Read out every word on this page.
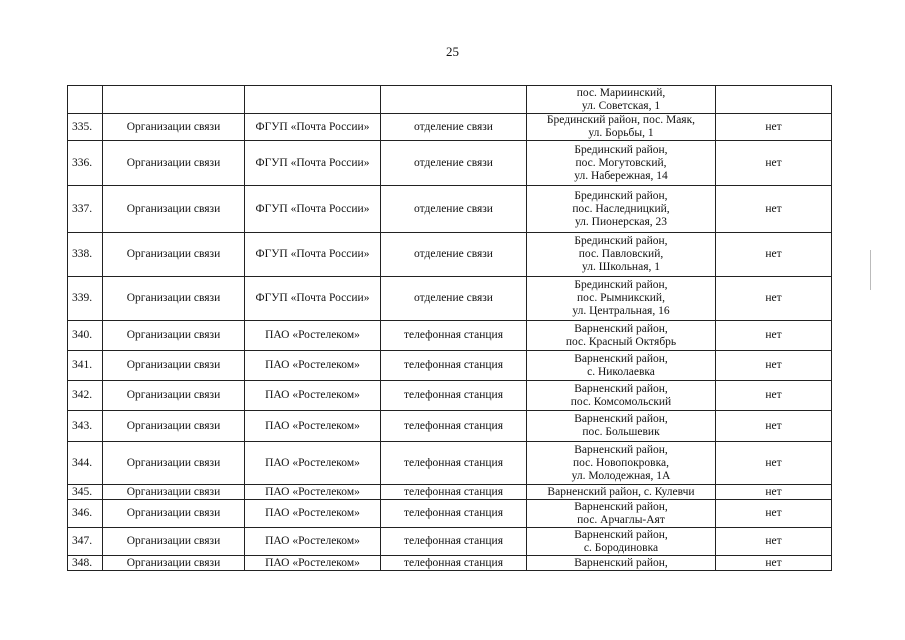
25

				пос. Мариинский,
ул. Советская, 1	

335.	Организации связи	ФГУП «Почта России»	отделение связи	Брединский район, пос. Маяк,
ул. Борьбы, 1	нет
336.	Организации связи	ФГУП «Почта России»	отделение связи	Брединский район,
пос. Могутовский,
ул. Набережная, 14	нет
337.	Организации связи	ФГУП «Почта России»	отделение связи	Брединский район,
пос. Наследницкий,
ул. Пионерская, 23	нет
338.	Организации связи	ФГУП «Почта России»	отделение связи	Брединский район,
пос. Павловский,
ул. Школьная, 1	нет
339.	Организации связи	ФГУП «Почта России»	отделение связи	Брединский район,
пос. Рымникский,
ул. Центральная, 16	нет
340.	Организации связи	ПАО «Ростелеком»	телефонная станция	Варненский район,
пос. Красный Октябрь	нет
341.	Организации связи	ПАО «Ростелеком»	телефонная станция	Варненский район,
с. Николаевка	нет
342.	Организации связи	ПАО «Ростелеком»	телефонная станция	Варненский район,
пос. Комсомольский	нет
343.	Организации связи	ПАО «Ростелеком»	телефонная станция	Варненский район,
пос. Большевик	нет
344.	Организации связи	ПАО «Ростелеком»	телефонная станция	Варненский район,
пос. Новопокровка,
ул. Молодежная, 1А	нет
345.	Организации связи	ПАО «Ростелеком»	телефонная станция	Варненский район, с. Кулевчи	нет
346.	Организации связи	ПАО «Ростелеком»	телефонная станция	Варненский район,
пос. Арчаглы-Аят	нет
347.	Организации связи	ПАО «Ростелеком»	телефонная станция	Варненский район,
с. Бородиновка	нет
348.	Организации связи	ПАО «Ростелеком»	телефонная станция	Варненский район,	нет
